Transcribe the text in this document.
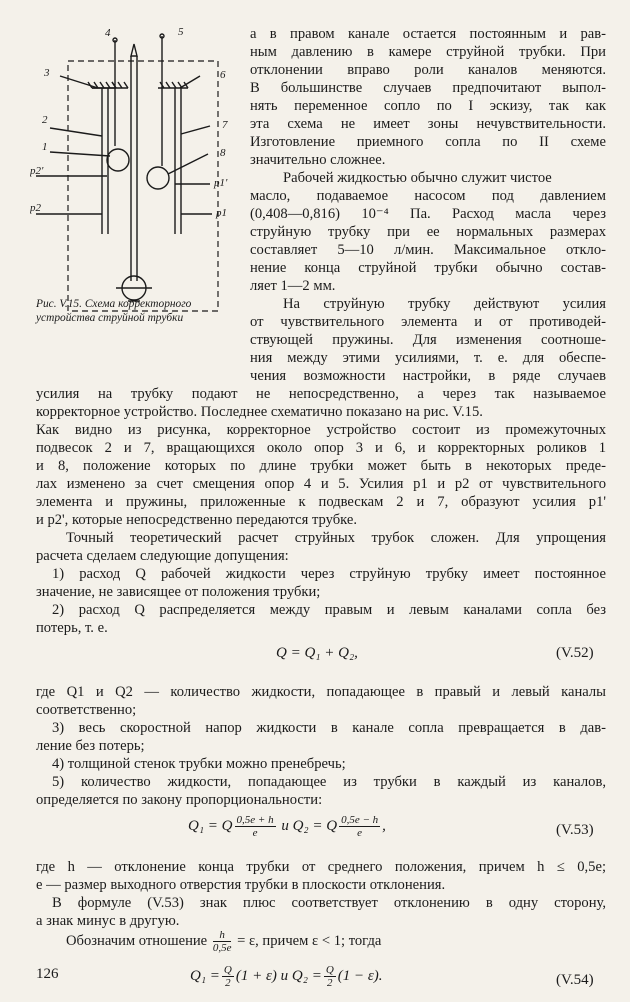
4	5
3	6
2	7
1	8
p2'
p1'
p2	p1
Рис. V.15. Схема корректорного
устройства струйной трубки
а в правом канале остается постоянным и рав-
ным давлению в камере струйной трубки. При
отклонении вправо роли каналов меняются.
В большинстве случаев предпочитают выпол-
нять переменное сопло по I эскизу, так как
эта схема не имеет зоны нечувствительности.
Изготовление приемного сопла по II схеме
значительно сложнее.
Рабочей жидкостью обычно служит чистое
масло, подаваемое насосом под давлением
(0,408—0,816) 10⁻⁴ Па. Расход масла через
струйную трубку при ее нормальных размерах
составляет 5—10 л/мин. Максимальное откло-
нение конца струйной трубки обычно состав-
ляет 1—2 мм.
На струйную трубку действуют усилия
от чувствительного элемента и от противодей-
ствующей пружины. Для изменения соотноше-
ния между этими усилиями, т. е. для обеспе-
чения возможности настройки, в ряде случаев
усилия на трубку подают не непосредственно, а через так называемое
корректорное устройство. Последнее схематично показано на рис. V.15.
Как видно из рисунка, корректорное устройство состоит из промежуточных
подвесок 2 и 7, вращающихся около опор 3 и 6, и корректорных роликов 1
и 8, положение которых по длине трубки может быть в некоторых преде-
лах изменено за счет смещения опор 4 и 5. Усилия p1 и p2 от чувствительного
элемента и пружины, приложенные к подвескам 2 и 7, образуют усилия p1'
и p2', которые непосредственно передаются трубке.
Точный теоретический расчет струйных трубок сложен. Для упрощения
расчета сделаем следующие допущения:
1) расход Q рабочей жидкости через струйную трубку имеет постоянное
значение, не зависящее от положения трубки;
2) расход Q распределяется между правым и левым каналами сопла без
потерь, т. е.
Q = Q₁ + Q₂,	(V.52)
где Q1 и Q2 — количество жидкости, попадающее в правый и левый каналы
соответственно;
3) весь скоростной напор жидкости в канале сопла превращается в дав-
ление без потерь;
4) толщиной стенок трубки можно пренебречь;
5) количество жидкости, попадающее из трубки в каждый из каналов,
определяется по закону пропорциональности:
Q₁ = Q $\frac{0,5e + h}{e}$ и Q₂ = Q $\frac{0,5e - h}{e}$ ,	(V.53)
где h — отклонение конца трубки от среднего положения, причем h ≤ 0,5e;
e — размер выходного отверстия трубки в плоскости отклонения.
В формуле (V.53) знак плюс соответствует отклонению в одну сторону,
а знак минус в другую.
Обозначим отношение $\frac{h}{0,5e} = \varepsilon$, причем ε < 1; тогда
$Q_1 = \frac{Q}{2} (1 + \varepsilon)$ и $Q_2 = \frac{Q}{2} (1 - \varepsilon)$.	(V.54)
126
